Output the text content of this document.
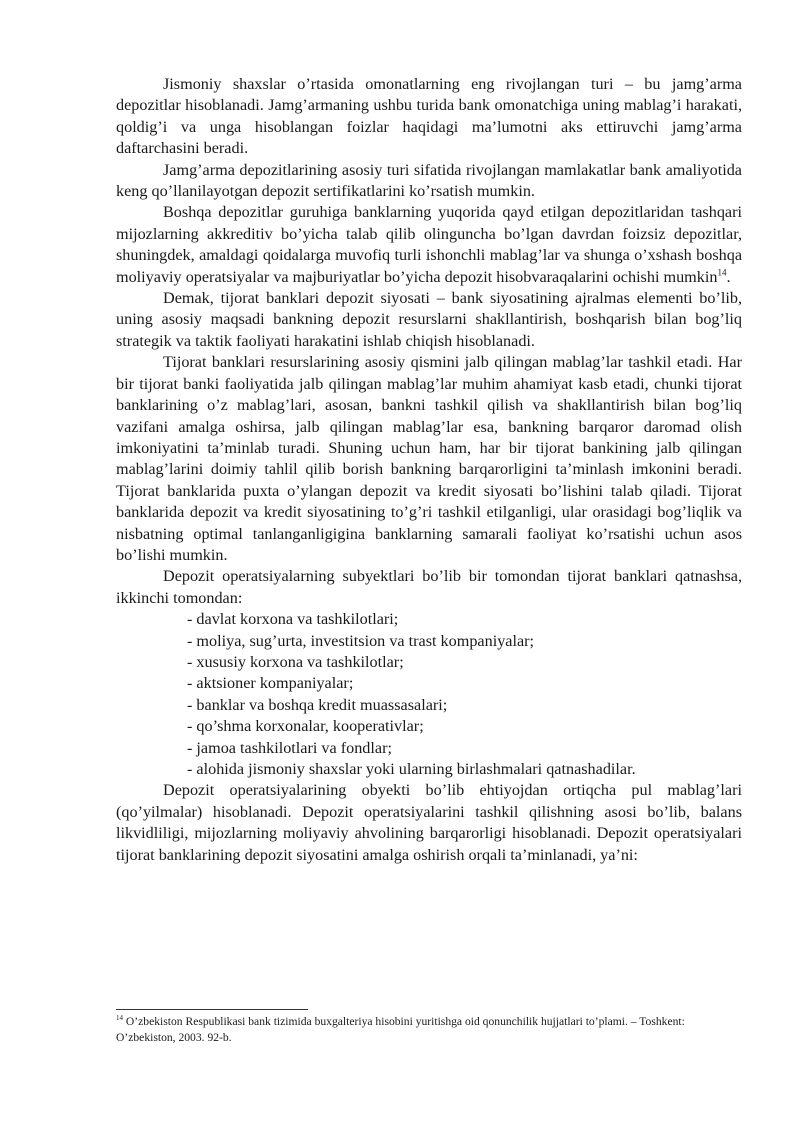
Jismoniy shaxslar o’rtasida omonatlarning eng rivojlangan turi – bu jamg’arma depozitlar hisoblanadi. Jamg’armaning ushbu turida bank omonatchiga uning mablag’i harakati, qoldig’i va unga hisoblangan foizlar haqidagi ma’lumotni aks ettiruvchi jamg’arma daftarchasini beradi.

Jamg’arma depozitlarining asosiy turi sifatida rivojlangan mamlakatlar bank amaliyotida keng qo’llanilayotgan depozit sertifikatlarini ko’rsatish mumkin.

Boshqa depozitlar guruhiga banklarning yuqorida qayd etilgan depozitlaridan tashqari mijozlarning akkreditiv bo’yicha talab qilib olinguncha bo’lgan davrdan foizsiz depozitlar, shuningdek, amaldagi qoidalarga muvofiq turli ishonchli mablag’lar va shunga o’xshash boshqa moliyaviy operatsiyalar va majburiyatlar bo’yicha depozit hisobvaraqalarini ochishi mumkin$^{14}$.

Demak, tijorat banklari depozit siyosati – bank siyosatining ajralmas elementi bo’lib, uning asosiy maqsadi bankning depozit resurslarni shakllantirish, boshqarish bilan bog’liq strategik va taktik faoliyati harakatini ishlab chiqish hisoblanadi.

Tijorat banklari resurslarining asosiy qismini jalb qilingan mablag’lar tashkil etadi. Har bir tijorat banki faoliyatida jalb qilingan mablag’lar muhim ahamiyat kasb etadi, chunki tijorat banklarining o’z mablag’lari, asosan, bankni tashkil qilish va shakllantirish bilan bog’liq vazifani amalga oshirsa, jalb qilingan mablag’lar esa, bankning barqaror daromad olish imkoniyatini ta’minlab turadi. Shuning uchun ham, har bir tijorat bankining jalb qilingan mablag’larini doimiy tahlil qilib borish bankning barqarorligini ta’minlash imkonini beradi. Tijorat banklarida puxta o’ylangan depozit va kredit siyosati bo’lishini talab qiladi. Tijorat banklarida depozit va kredit siyosatining to’g’ri tashkil etilganligi, ular orasidagi bog’liqlik va nisbatning optimal tanlanganligigina banklarning samarali faoliyat ko’rsatishi uchun asos bo’lishi mumkin.

Depozit operatsiyalarning subyektlari bo’lib bir tomondan tijorat banklari qatnashsa, ikkinchi tomondan:

- davlat korxona va tashkilotlari;
- moliya, sug’urta, investitsion va trast kompaniyalar;
- xususiy korxona va tashkilotlar;
- aktsioner kompaniyalar;
- banklar va boshqa kredit muassasalari;
- qo’shma korxonalar, kooperativlar;
- jamoa tashkilotlari va fondlar;
- alohida jismoniy shaxslar yoki ularning birlashmalari qatnashadilar.

Depozit operatsiyalarining obyekti bo’lib ehtiyojdan ortiqcha pul mablag’lari (qo’yilmalar) hisoblanadi. Depozit operatsiyalarini tashkil qilishning asosi bo’lib, balans likvidliligi, mijozlarning moliyaviy ahvolining barqarorligi hisoblanadi. Depozit operatsiyalari tijorat banklarining depozit siyosatini amalga oshirish orqali ta’minlanadi, ya’ni:

$^{14}$ O’zbekiston Respublikasi bank tizimida buxgalteriya hisobini yuritishga oid qonunchilik hujjatlari to’plami. – Toshkent: O’zbekiston, 2003. 92-b.
